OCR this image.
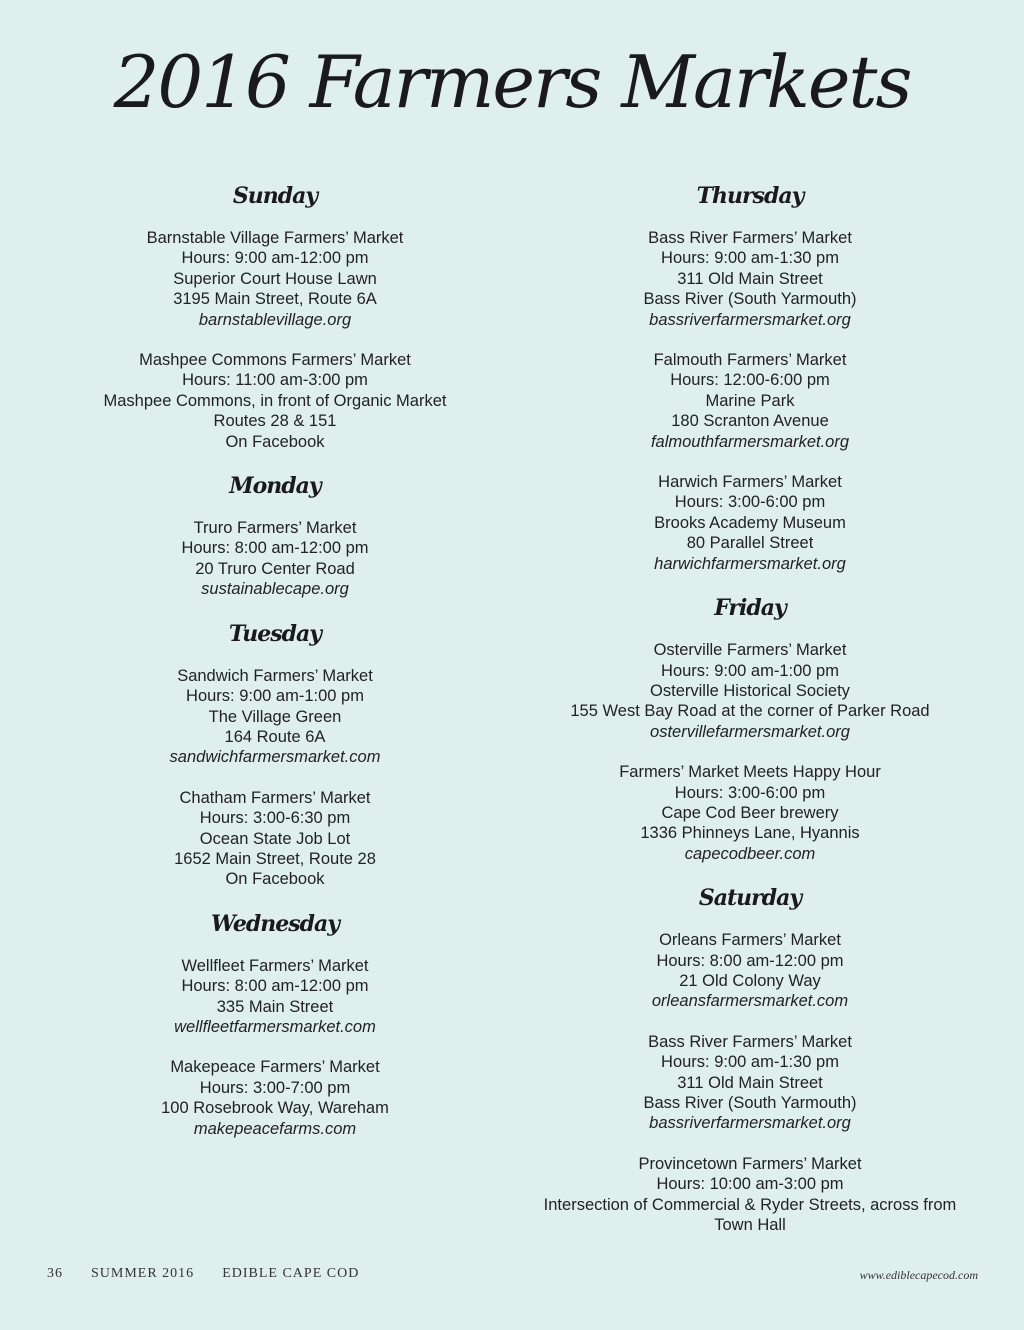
2016 Farmers Markets
Sunday
Barnstable Village Farmers’ Market
Hours: 9:00 am-12:00 pm
Superior Court House Lawn
3195 Main Street, Route 6A
barnstablevillage.org
Mashpee Commons Farmers’ Market
Hours: 11:00 am-3:00 pm
Mashpee Commons, in front of Organic Market
Routes 28 & 151
On Facebook
Monday
Truro Farmers’ Market
Hours: 8:00 am-12:00 pm
20 Truro Center Road
sustainablecape.org
Tuesday
Sandwich Farmers’ Market
Hours: 9:00 am-1:00 pm
The Village Green
164 Route 6A
sandwichfarmersmarket.com
Chatham Farmers’ Market
Hours: 3:00-6:30 pm
Ocean State Job Lot
1652 Main Street, Route 28
On Facebook
Wednesday
Wellfleet Farmers’ Market
Hours: 8:00 am-12:00 pm
335 Main Street
wellfleetfarmersmarket.com
Makepeace Farmers’ Market
Hours: 3:00-7:00 pm
100 Rosebrook Way, Wareham
makepeacefarms.com
Thursday
Bass River Farmers’ Market
Hours: 9:00 am-1:30 pm
311 Old Main Street
Bass River (South Yarmouth)
bassriverfarmersmarket.org
Falmouth Farmers’ Market
Hours: 12:00-6:00 pm
Marine Park
180 Scranton Avenue
falmouthfarmersmarket.org
Harwich Farmers’ Market
Hours: 3:00-6:00 pm
Brooks Academy Museum
80 Parallel Street
harwichfarmersmarket.org
Friday
Osterville Farmers’ Market
Hours: 9:00 am-1:00 pm
Osterville Historical Society
155 West Bay Road at the corner of Parker Road
ostervillefarmersmarket.org
Farmers’ Market Meets Happy Hour
Hours: 3:00-6:00 pm
Cape Cod Beer brewery
1336 Phinneys Lane, Hyannis
capecodbeer.com
Saturday
Orleans Farmers’ Market
Hours: 8:00 am-12:00 pm
21 Old Colony Way
orleansfarmersmarket.com
Bass River Farmers’ Market
Hours: 9:00 am-1:30 pm
311 Old Main Street
Bass River (South Yarmouth)
bassriverfarmersmarket.org
Provincetown Farmers’ Market
Hours: 10:00 am-3:00 pm
Intersection of Commercial & Ryder Streets, across from
Town Hall
36 SUMMER 2016 EDIBLE CAPE COD	www.ediblecapecod.com
